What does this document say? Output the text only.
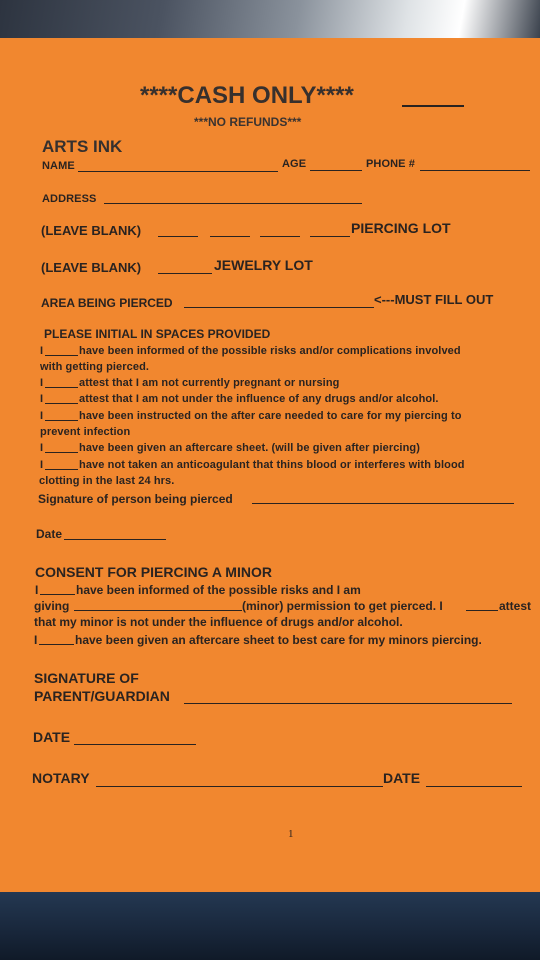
****CASH ONLY****
***NO REFUNDS***
ARTS INK
NAME	AGE	PHONE #
ADDRESS
(LEAVE BLANK)	PIERCING LOT
(LEAVE BLANK)	JEWELRY LOT
AREA BEING PIERCED	<---MUST FILL OUT
PLEASE INITIAL IN SPACES PROVIDED
I	have been informed of the possible risks and/or complications involved
with getting pierced.
I	attest that I am not currently pregnant or nursing
I	attest that I am not under the influence of any drugs and/or alcohol.
I	have been instructed on the after care needed to care for my piercing to
prevent infection
I	have been given an aftercare sheet. (will be given after piercing)
I	have not taken an anticoagulant that thins blood or interferes with blood
clotting in the last 24 hrs.
Signature of person being pierced
Date
CONSENT FOR PIERCING A MINOR
I	have been informed of the possible risks and I am
giving	(minor) permission to get pierced. I	attest
that my minor is not under the influence of drugs and/or alcohol.
I	have been given an aftercare sheet to best care for my minors piercing.
SIGNATURE OF
PARENT/GUARDIAN
DATE
NOTARY	DATE
1
